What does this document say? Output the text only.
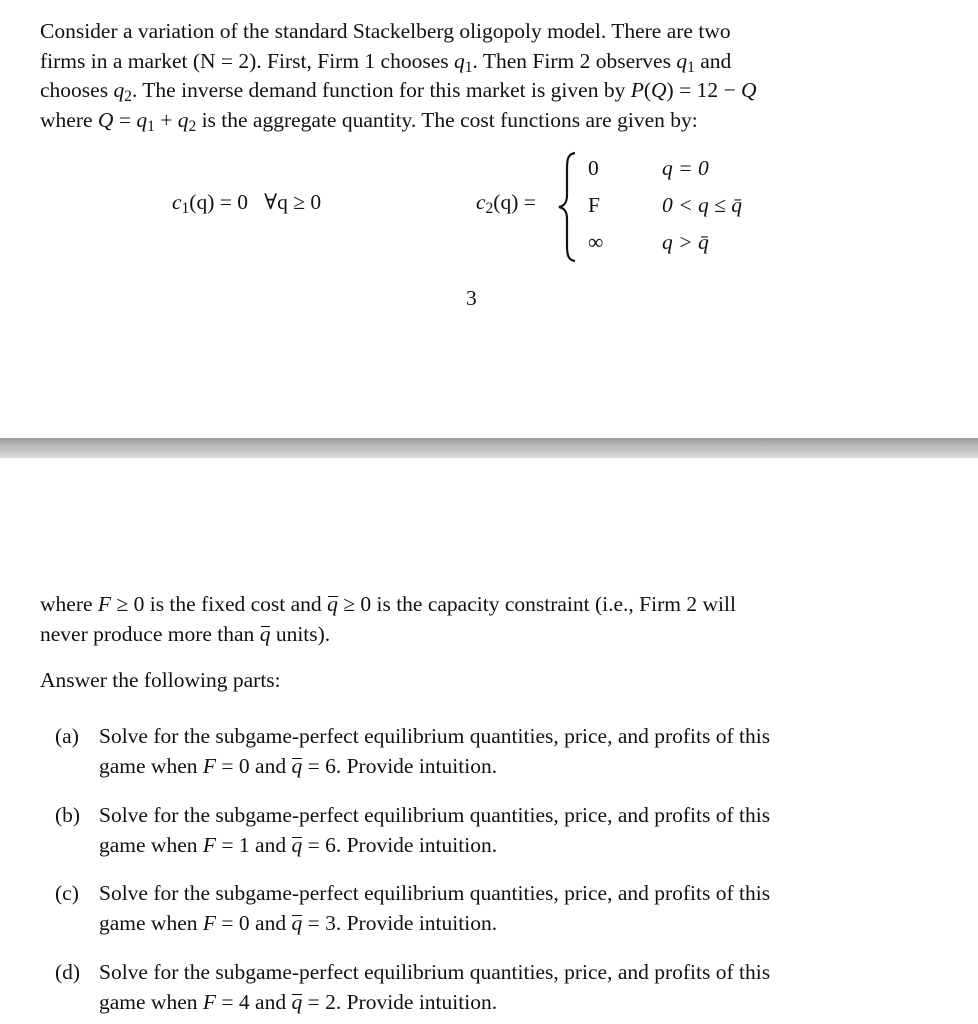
Consider a variation of the standard Stackelberg oligopoly model. There are two
firms in a market (N = 2). First, Firm 1 chooses $q_1$. Then Firm 2 observes $q_1$ and
chooses $q_2$. The inverse demand function for this market is given by P(Q) = 12 − Q
where $Q = q_1 + q_2$ is the aggregate quantity. The cost functions are given by:

$c_1(q) = 0$ ∀q ≥ 0	$c_2(q)$ =
0	q = 0
F	0 < q ≤ q̄
∞	q > q̄
3

where F ≥ 0 is the fixed cost and q ≥ 0 is the capacity constraint (i.e., Firm 2 will
never produce more than q units).

Answer the following parts:

(a) Solve for the subgame-perfect equilibrium quantities, price, and profits of this
game when F = 0 and q = 6. Provide intuition.
(b) Solve for the subgame-perfect equilibrium quantities, price, and profits of this
game when F = 1 and q = 6. Provide intuition.
(c) Solve for the subgame-perfect equilibrium quantities, price, and profits of this
game when F = 0 and q = 3. Provide intuition.
(d) Solve for the subgame-perfect equilibrium quantities, price, and profits of this
game when F = 4 and q = 2. Provide intuition.
